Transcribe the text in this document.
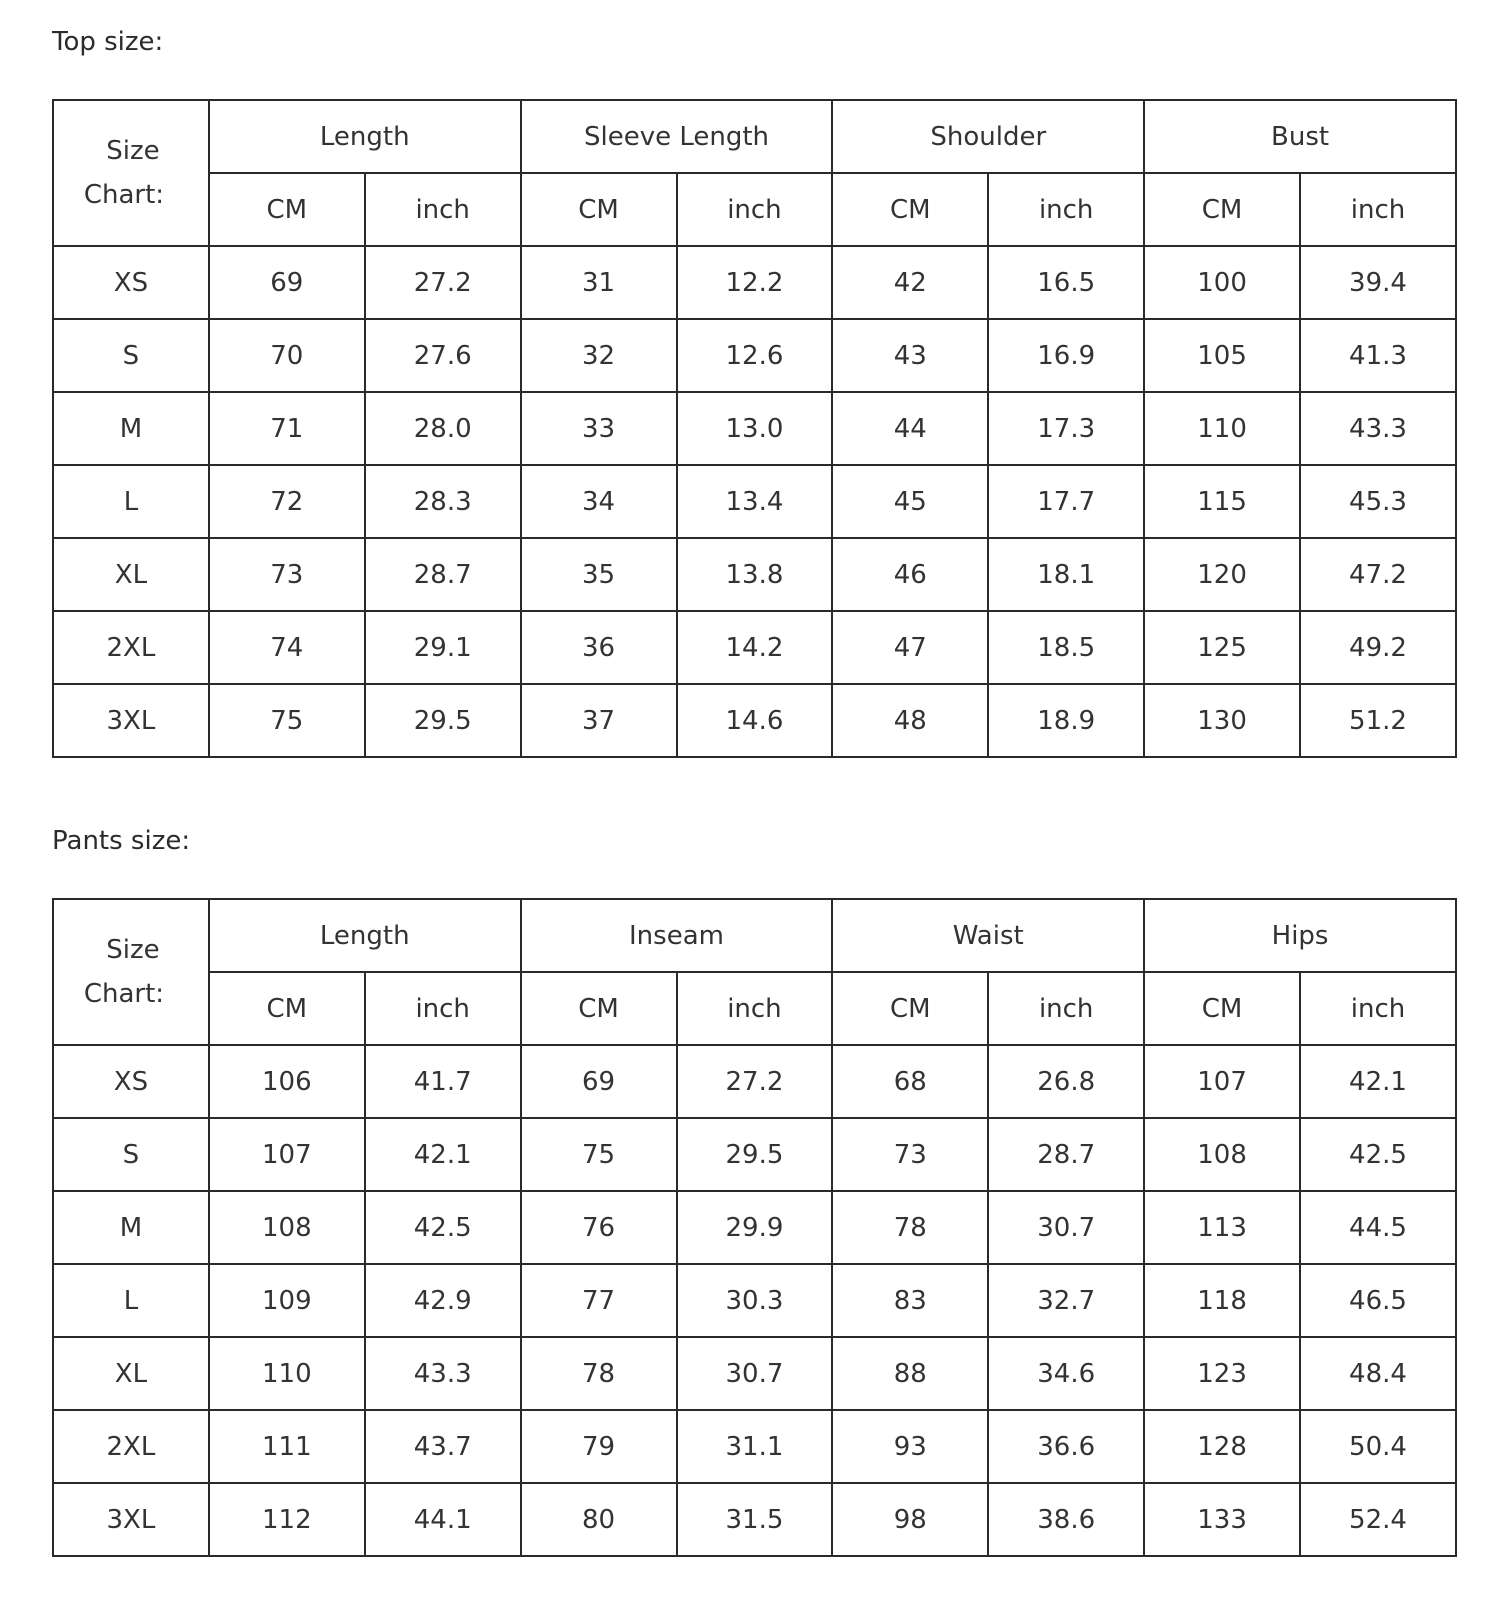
Top size:
Size
Chart:	Length		Sleeve Length		Shoulder		Bust	
	CM	inch	CM	inch	CM	inch	CM	inch
XS	69	27.2	31	12.2	42	16.5	100	39.4
S	70	27.6	32	12.6	43	16.9	105	41.3
M	71	28.0	33	13.0	44	17.3	110	43.3
L	72	28.3	34	13.4	45	17.7	115	45.3
XL	73	28.7	35	13.8	46	18.1	120	47.2
2XL	74	29.1	36	14.2	47	18.5	125	49.2
3XL	75	29.5	37	14.6	48	18.9	130	51.2
Pants size:
Size
Chart:	Length		Inseam		Waist		Hips	
	CM	inch	CM	inch	CM	inch	CM	inch
XS	106	41.7	69	27.2	68	26.8	107	42.1
S	107	42.1	75	29.5	73	28.7	108	42.5
M	108	42.5	76	29.9	78	30.7	113	44.5
L	109	42.9	77	30.3	83	32.7	118	46.5
XL	110	43.3	78	30.7	88	34.6	123	48.4
2XL	111	43.7	79	31.1	93	36.6	128	50.4
3XL	112	44.1	80	31.5	98	38.6	133	52.4
